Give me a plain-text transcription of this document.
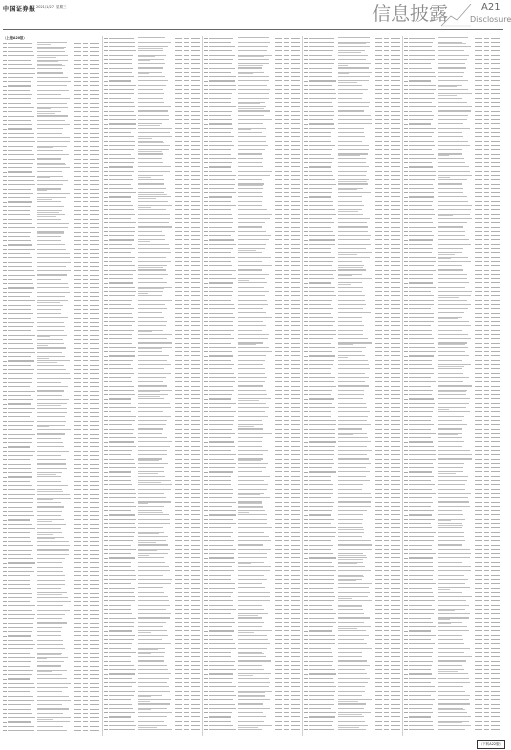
中国证券报 2021/1/27 星期三	信息披露	A21
Disclosure
（上接A20版）
（下转A22版）
